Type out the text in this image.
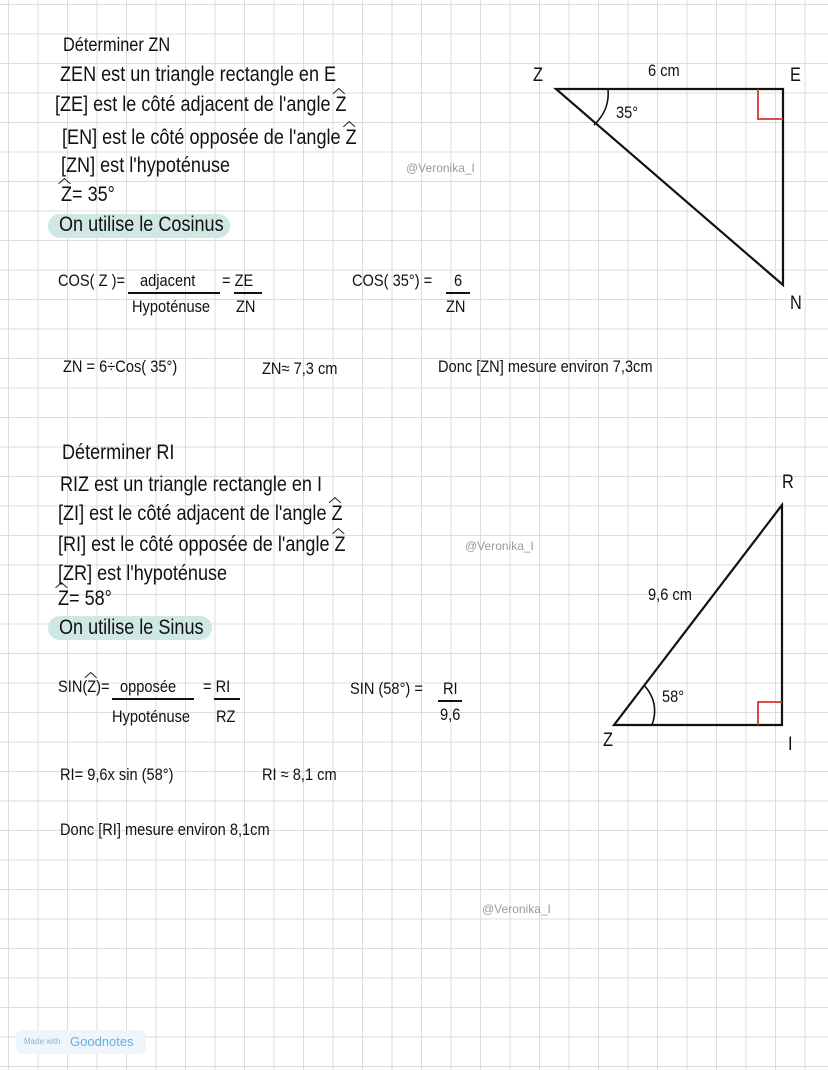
Z	E
N
6 cm
35°
R
Z	I
9,6 cm
58°
Déterminer ZN
ZEN est un triangle rectangle en E
[ZE] est le côté adjacent de l'angle Z
[EN] est le côté opposée de l'angle Z
[ZN] est l'hypoténuse
Z= 35°
On utilise le Cosinus
COS( Z )= adjacent
Hypoténuse
= ZE
ZN
COS( 35°) = 6
ZN
ZN = 6÷Cos( 35°)	ZN≈ 7,3 cm	Donc [ZN] mesure environ 7,3cm
Déterminer RI
RIZ est un triangle rectangle en I
[ZI] est le côté adjacent de l'angle Z
[RI] est le côté opposée de l'angle Z
[ZR] est l'hypoténuse
Z= 58°
On utilise le Sinus
SIN(Z)= opposée
Hypoténuse
= RI
RZ
SIN (58°) = RI
9,6
RI= 9,6x sin (58°)	RI ≈ 8,1 cm
Donc [RI] mesure environ 8,1cm
@Veronika_I
@Veronika_I
@Veronika_I
Made with Goodnotes
